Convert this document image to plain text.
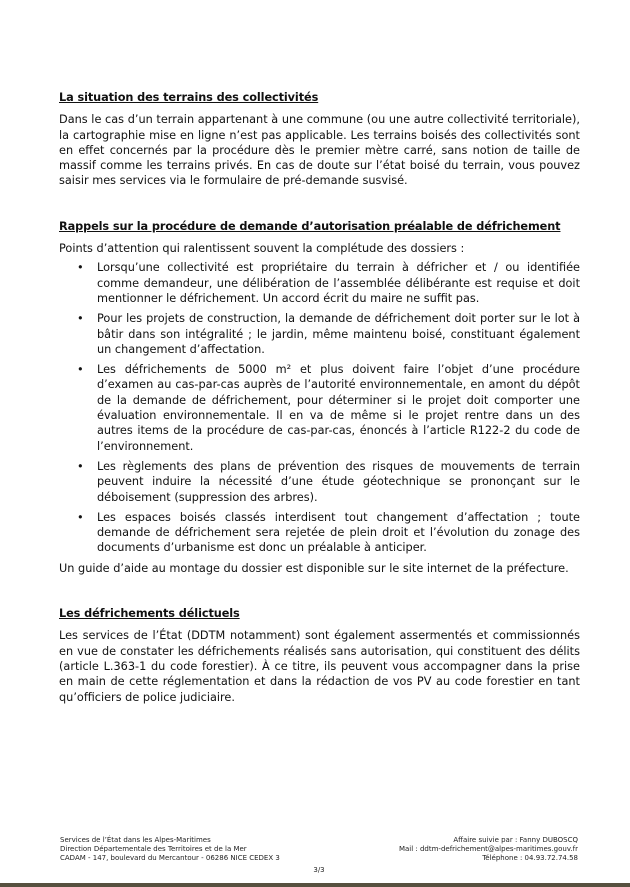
La situation des terrains des collectivités

Dans le cas d’un terrain appartenant à une commune (ou une autre collectivité territoriale), la cartographie mise en ligne n’est pas applicable. Les terrains boisés des collectivités sont en effet concernés par la procédure dès le premier mètre carré, sans notion de taille de massif comme les terrains privés. En cas de doute sur l’état boisé du terrain, vous pouvez saisir mes services via le formulaire de pré-demande susvisé.

Rappels sur la procédure de demande d’autorisation préalable de défrichement

Points d’attention qui ralentissent souvent la complétude des dossiers :

• Lorsqu’une collectivité est propriétaire du terrain à défricher et / ou identifiée comme demandeur, une délibération de l’assemblée délibérante est requise et doit mentionner le défrichement. Un accord écrit du maire ne suffit pas.
• Pour les projets de construction, la demande de défrichement doit porter sur le lot à bâtir dans son intégralité ; le jardin, même maintenu boisé, constituant également un changement d’affectation.
• Les défrichements de 5000 m² et plus doivent faire l’objet d’une procédure d’examen au cas-par-cas auprès de l’autorité environnementale, en amont du dépôt de la demande de défrichement, pour déterminer si le projet doit comporter une évaluation environnementale. Il en va de même si le projet rentre dans un des autres items de la procédure de cas-par-cas, énoncés à l’article R122-2 du code de l’environnement.
• Les règlements des plans de prévention des risques de mouvements de terrain peuvent induire la nécessité d’une étude géotechnique se prononçant sur le déboisement (suppression des arbres).
• Les espaces boisés classés interdisent tout changement d’affectation ; toute demande de défrichement sera rejetée de plein droit et l’évolution du zonage des documents d’urbanisme est donc un préalable à anticiper.

Un guide d’aide au montage du dossier est disponible sur le site internet de la préfecture.

Les défrichements délictuels

Les services de l’État (DDTM notamment) sont également assermentés et commissionnés en vue de constater les défrichements réalisés sans autorisation, qui constituent des délits (article L.363-1 du code forestier). À ce titre, ils peuvent vous accompagner dans la prise en main de cette réglementation et dans la rédaction de vos PV au code forestier en tant qu’officiers de police judiciaire.

Services de l’État dans les Alpes-Maritimes
Direction Départementale des Territoires et de la Mer
CADAM - 147, boulevard du Mercantour - 06286 NICE CEDEX 3
Affaire suivie par : Fanny DUBOSCQ
Mail : ddtm-defrichement@alpes-maritimes.gouv.fr
Téléphone : 04.93.72.74.58
3/3
